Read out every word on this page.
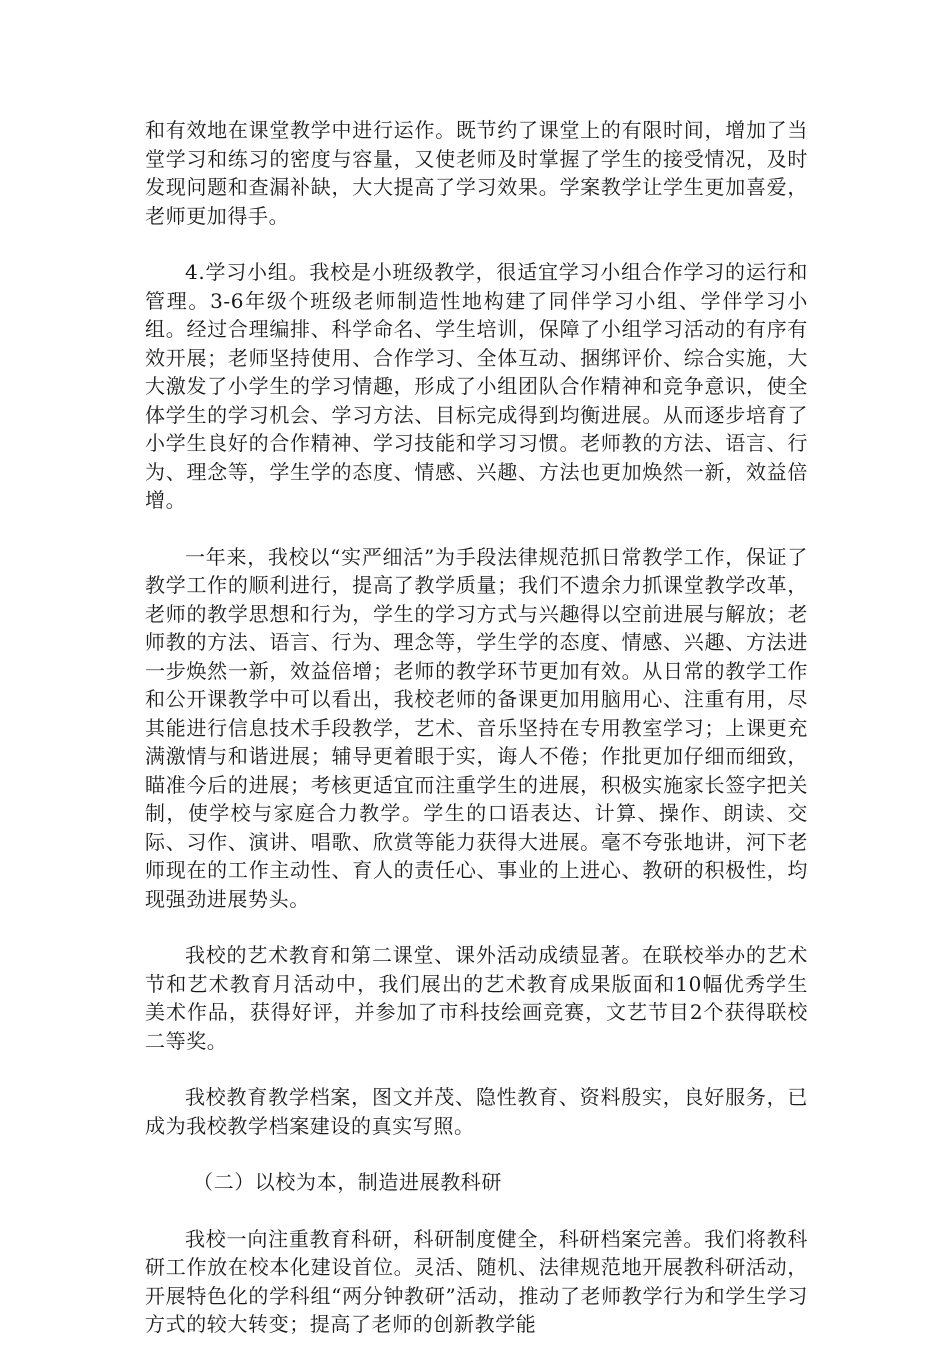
和有效地在课堂教学中进行运作。既节约了课堂上的有限时间，增加了当堂学习和练习的密度与容量，又使老师及时掌握了学生的接受情况，及时发现问题和查漏补缺，大大提高了学习效果。学案教学让学生更加喜爱，老师更加得手。

4.学习小组。我校是小班级教学，很适宜学习小组合作学习的运行和管理。3-6年级个班级老师制造性地构建了同伴学习小组、学伴学习小组。经过合理编排、科学命名、学生培训，保障了小组学习活动的有序有效开展；老师坚持使用、合作学习、全体互动、捆绑评价、综合实施，大大激发了小学生的学习情趣，形成了小组团队合作精神和竞争意识，使全体学生的学习机会、学习方法、目标完成得到均衡进展。从而逐步培育了小学生良好的合作精神、学习技能和学习习惯。老师教的方法、语言、行为、理念等，学生学的态度、情感、兴趣、方法也更加焕然一新，效益倍增。

一年来，我校以“实严细活”为手段法律规范抓日常教学工作，保证了教学工作的顺利进行，提高了教学质量；我们不遗余力抓课堂教学改革，老师的教学思想和行为，学生的学习方式与兴趣得以空前进展与解放；老师教的方法、语言、行为、理念等，学生学的态度、情感、兴趣、方法进一步焕然一新，效益倍增；老师的教学环节更加有效。从日常的教学工作和公开课教学中可以看出，我校老师的备课更加用脑用心、注重有用，尽其能进行信息技术手段教学，艺术、音乐坚持在专用教室学习；上课更充满激情与和谐进展；辅导更着眼于实，诲人不倦；作批更加仔细而细致，瞄准今后的进展；考核更适宜而注重学生的进展，积极实施家长签字把关制，使学校与家庭合力教学。学生的口语表达、计算、操作、朗读、交际、习作、演讲、唱歌、欣赏等能力获得大进展。毫不夸张地讲，河下老师现在的工作主动性、育人的责任心、事业的上进心、教研的积极性，均现强劲进展势头。

我校的艺术教育和第二课堂、课外活动成绩显著。在联校举办的艺术节和艺术教育月活动中，我们展出的艺术教育成果版面和10幅优秀学生美术作品，获得好评，并参加了市科技绘画竞赛，文艺节目2个获得联校二等奖。

我校教育教学档案，图文并茂、隐性教育、资料殷实，良好服务，已成为我校教学档案建设的真实写照。

（二）以校为本，制造进展教科研

我校一向注重教育科研，科研制度健全，科研档案完善。我们将教科研工作放在校本化建设首位。灵活、随机、法律规范地开展教科研活动，开展特色化的学科组“两分钟教研”活动，推动了老师教学行为和学生学习方式的较大转变；提高了老师的创新教学能
